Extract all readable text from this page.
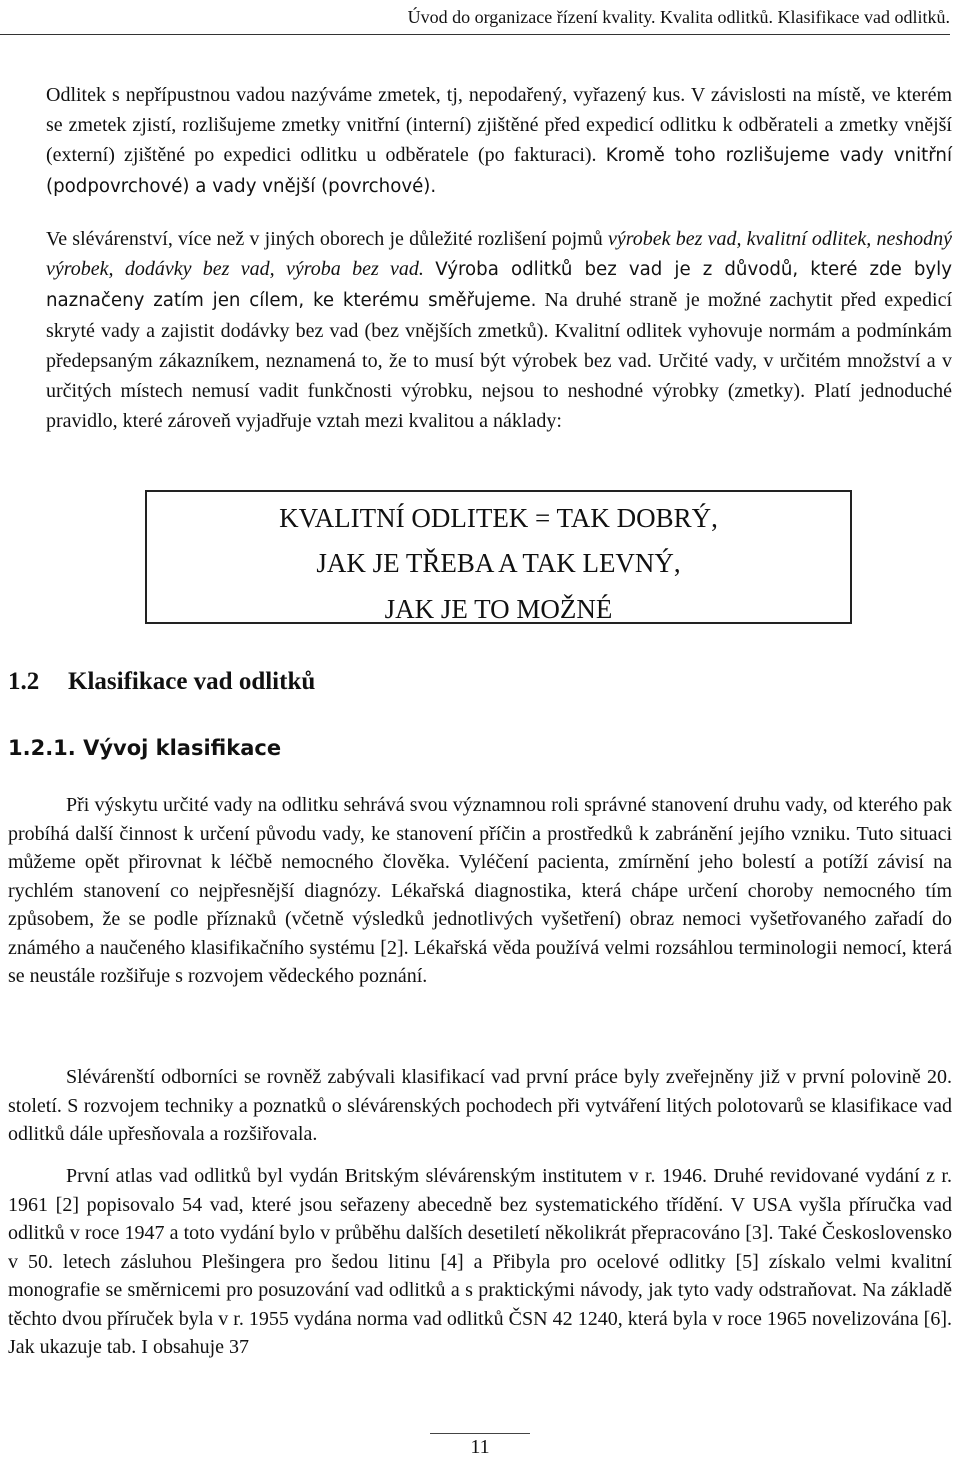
Úvod do organizace řízení kvality. Kvalita odlitků. Klasifikace vad odlitků.

Odlitek s nepřípustnou vadou nazýváme zmetek, tj, nepodařený, vyřazený kus. V závislosti na místě, ve kterém se zmetek zjistí, rozlišujeme zmetky vnitřní (interní) zjištěné před expedicí odlitku k odběrateli a zmetky vnější (externí) zjištěné po expedici odlitku u odběratele (po fakturaci). Kromě toho rozlišujeme vady vnitřní (podpovrchové) a vady vnější (povrchové).

Ve slévárenství, více než v jiných oborech je důležité rozlišení pojmů výrobek bez vad, kvalitní odlitek, neshodný výrobek, dodávky bez vad, výroba bez vad. Výroba odlitků bez vad je z důvodů, které zde byly naznačeny zatím jen cílem, ke kterému směřujeme. Na druhé straně je možné zachytit před expedicí skryté vady a zajistit dodávky bez vad (bez vnějších zmetků). Kvalitní odlitek vyhovuje normám a podmínkám předepsaným zákazníkem, neznamená to, že to musí být výrobek bez vad. Určité vady, v určitém množství a v určitých místech nemusí vadit funkčnosti výrobku, nejsou to neshodné výrobky (zmetky). Platí jednoduché pravidlo, které zároveň vyjadřuje vztah mezi kvalitou a náklady:

KVALITNÍ ODLITEK = TAK DOBRÝ,
JAK JE TŘEBA A TAK LEVNÝ,
JAK JE TO MOŽNÉ
1.2 Klasifikace vad odlitků
1.2.1. Vývoj klasifikace

Při výskytu určité vady na odlitku sehrává svou významnou roli správné stanovení druhu vady, od kterého pak probíhá další činnost k určení původu vady, ke stanovení příčin a prostředků k zabránění jejího vzniku. Tuto situaci můžeme opět přirovnat k léčbě nemocného člověka. Vyléčení pacienta, zmírnění jeho bolestí a potíží závisí na rychlém stanovení co nejpřesnější diagnózy. Lékařská diagnostika, která chápe určení choroby nemocného tím způsobem, že se podle příznaků (včetně výsledků jednotlivých vyšetření) obraz nemoci vyšetřovaného zařadí do známého a naučeného klasifikačního systému [2]. Lékařská věda používá velmi rozsáhlou terminologii nemocí, která se neustále rozšiřuje s rozvojem vědeckého poznání.

Slévárenští odborníci se rovněž zabývali klasifikací vad první práce byly zveřejněny již v první polovině 20. století. S rozvojem techniky a poznatků o slévárenských pochodech při vytváření litých polotovarů se klasifikace vad odlitků dále upřesňovala a rozšiřovala.

První atlas vad odlitků byl vydán Britským slévárenským institutem v r. 1946. Druhé revidované vydání z r. 1961 [2] popisovalo 54 vad, které jsou seřazeny abecedně bez systematického třídění. V USA vyšla příručka vad odlitků v roce 1947 a toto vydání bylo v průběhu dalších desetiletí několikrát přepracováno [3]. Také Československo v 50. letech zásluhou Plešingera pro šedou litinu [4] a Přibyla pro ocelové odlitky [5] získalo velmi kvalitní monografie se směrnicemi pro posuzování vad odlitků a s praktickými návody, jak tyto vady odstraňovat. Na základě těchto dvou příruček byla v r. 1955 vydána norma vad odlitků ČSN 42 1240, která byla v roce 1965 novelizována [6]. Jak ukazuje tab. I obsahuje 37

11
